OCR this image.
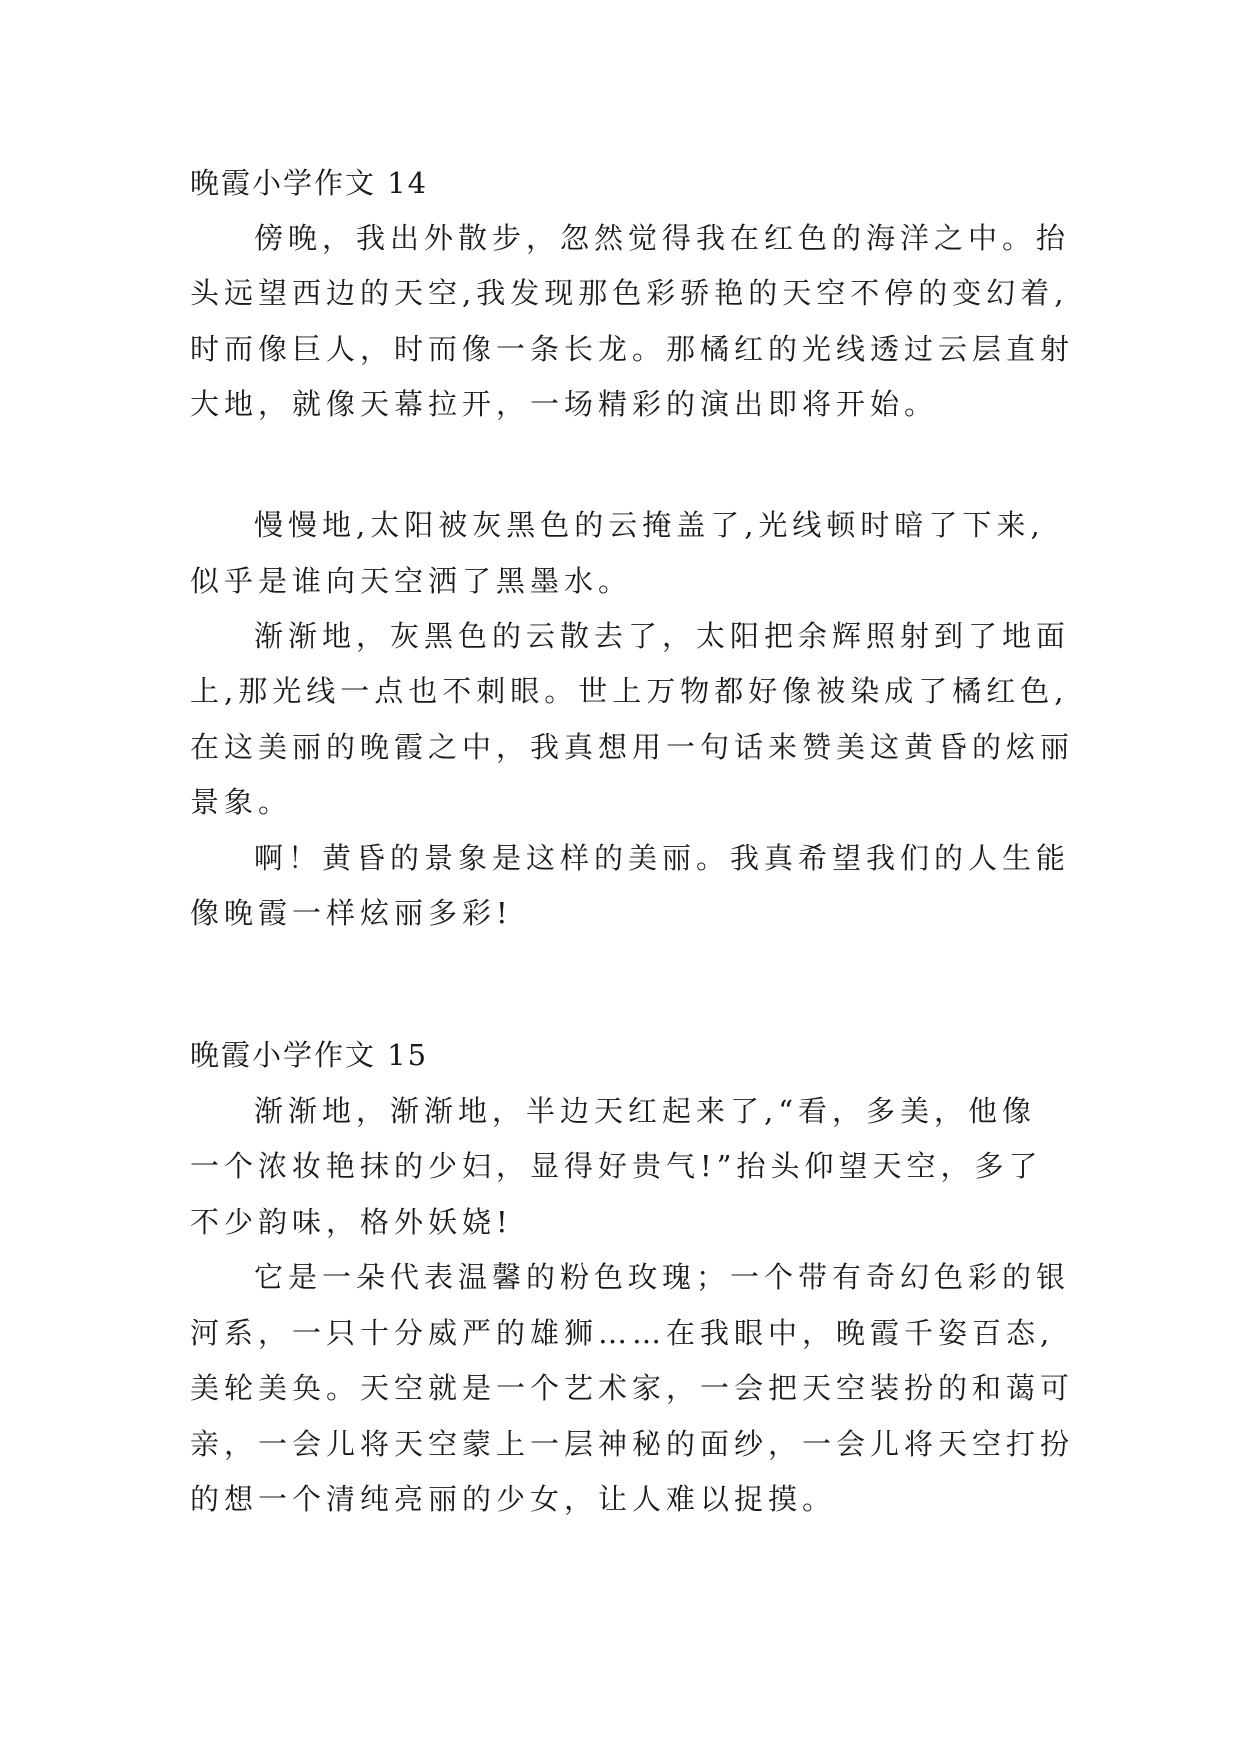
晚霞小学作文 14
傍晚，我出外散步，忽然觉得我在红色的海洋之中。抬
头远望西边的天空,我发现那色彩骄艳的天空不停的变幻着,
时而像巨人，时而像一条长龙。那橘红的光线透过云层直射
大地，就像天幕拉开，一场精彩的演出即将开始。
慢慢地,太阳被灰黑色的云掩盖了,光线顿时暗了下来,
似乎是谁向天空洒了黑墨水。
渐渐地，灰黑色的云散去了，太阳把余辉照射到了地面
上,那光线一点也不刺眼。世上万物都好像被染成了橘红色,
在这美丽的晚霞之中，我真想用一句话来赞美这黄昏的炫丽
景象。
啊！黄昏的景象是这样的美丽。我真希望我们的人生能
像晚霞一样炫丽多彩!
晚霞小学作文 15
渐渐地，渐渐地，半边天红起来了,“看，多美，他像
一个浓妆艳抹的少妇，显得好贵气!”抬头仰望天空，多了
不少韵味，格外妖娆!
它是一朵代表温馨的粉色玫瑰；一个带有奇幻色彩的银
河系，一只十分威严的雄狮……在我眼中，晚霞千姿百态,
美轮美奂。天空就是一个艺术家，一会把天空装扮的和蔼可
亲，一会儿将天空蒙上一层神秘的面纱，一会儿将天空打扮
的想一个清纯亮丽的少女，让人难以捉摸。
